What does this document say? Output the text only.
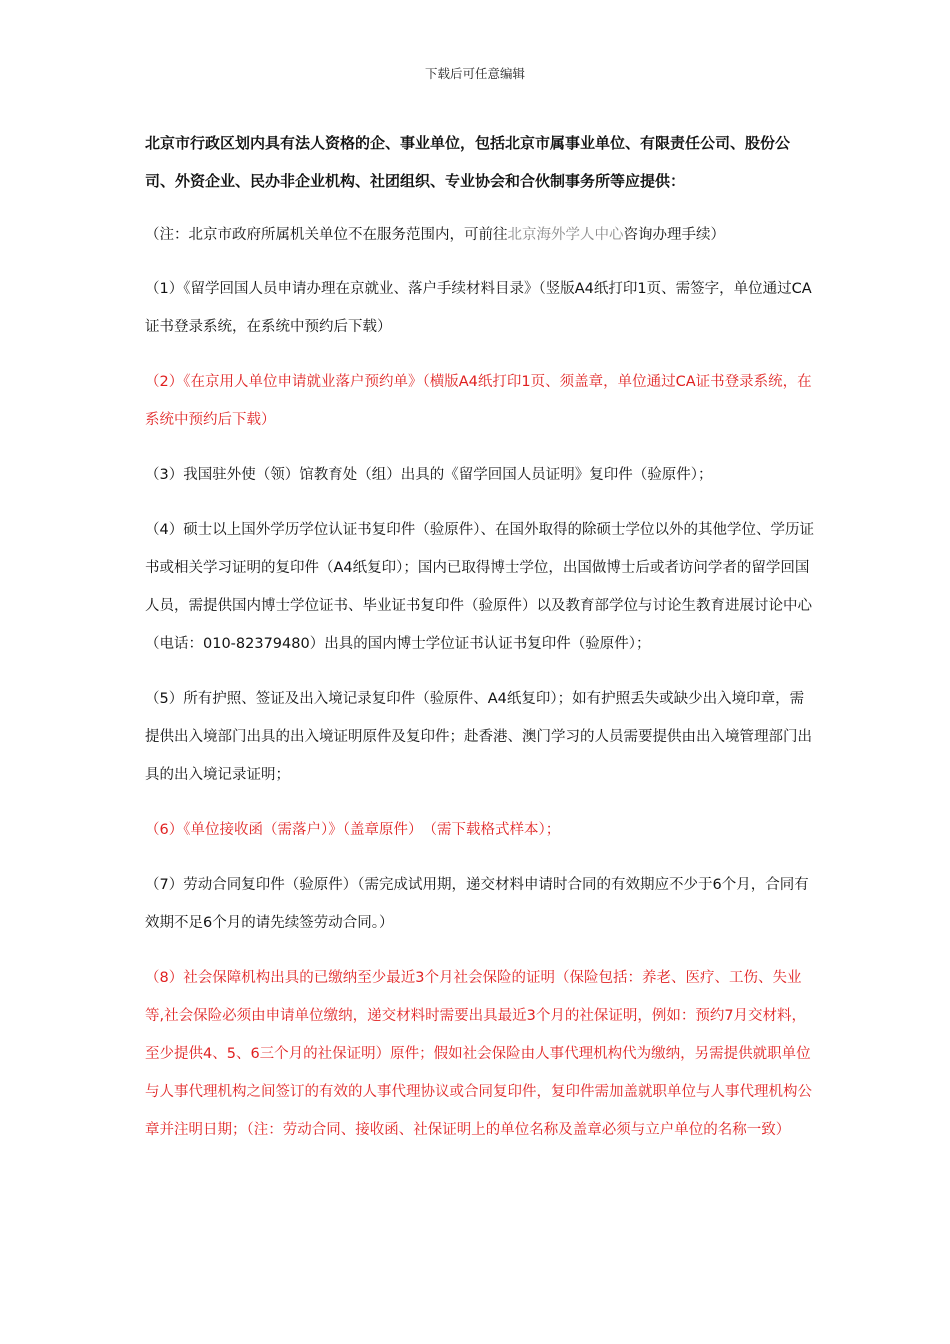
下载后可任意编辑

北京市行政区划内具有法人资格的企、事业单位，包括北京市属事业单位、有限责任公司、股份公司、外资企业、民办非企业机构、社团组织、专业协会和合伙制事务所等应提供：

（注：北京市政府所属机关单位不在服务范围内，可前往北京海外学人中心咨询办理手续）

（1）《留学回国人员申请办理在京就业、落户手续材料目录》（竖版A4纸打印1页、需签字，单位通过CA证书登录系统，在系统中预约后下载）

（2）《在京用人单位申请就业落户预约单》（横版A4纸打印1页、须盖章，单位通过CA证书登录系统，在系统中预约后下载）

（3）我国驻外使（领）馆教育处（组）出具的《留学回国人员证明》复印件（验原件）；

（4）硕士以上国外学历学位认证书复印件（验原件）、在国外取得的除硕士学位以外的其他学位、学历证书或相关学习证明的复印件（A4纸复印）；国内已取得博士学位，出国做博士后或者访问学者的留学回国人员，需提供国内博士学位证书、毕业证书复印件（验原件）以及教育部学位与讨论生教育进展讨论中心（电话：010-82379480）出具的国内博士学位证书认证书复印件（验原件）；

（5）所有护照、签证及出入境记录复印件（验原件、A4纸复印）；如有护照丢失或缺少出入境印章，需提供出入境部门出具的出入境证明原件及复印件；赴香港、澳门学习的人员需要提供由出入境管理部门出具的出入境记录证明；

（6）《单位接收函（需落户）》（盖章原件）　（需下载格式样本）；

（7）劳动合同复印件（验原件）（需完成试用期，递交材料申请时合同的有效期应不少于6个月，合同有效期不足6个月的请先续签劳动合同。）

（8）社会保障机构出具的已缴纳至少最近3个月社会保险的证明（保险包括：养老、医疗、工伤、失业等,社会保险必须由申请单位缴纳，递交材料时需要出具最近3个月的社保证明，例如：预约7月交材料，至少提供4、5、6三个月的社保证明）原件；假如社会保险由人事代理机构代为缴纳，另需提供就职单位与人事代理机构之间签订的有效的人事代理协议或合同复印件，复印件需加盖就职单位与人事代理机构公章并注明日期；（注：劳动合同、接收函、社保证明上的单位名称及盖章必须与立户单位的名称一致）
